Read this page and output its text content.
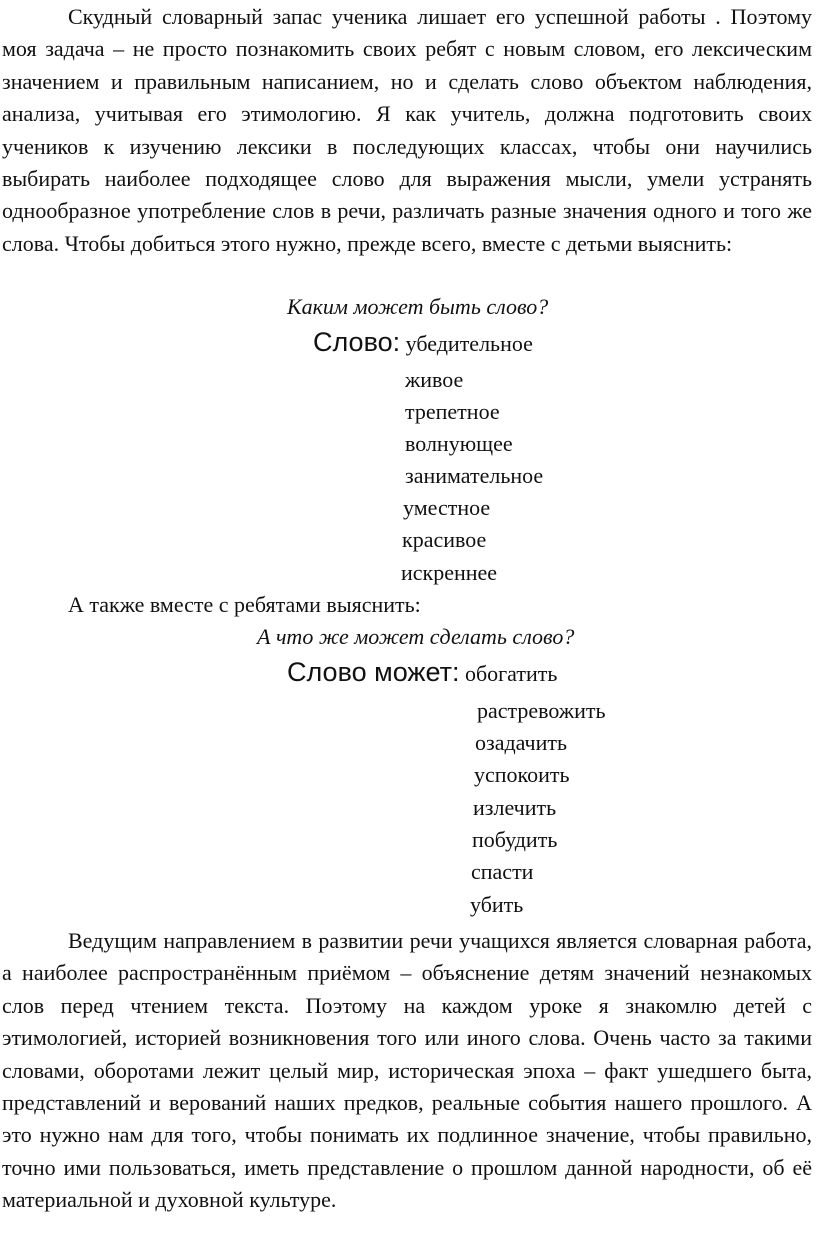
Скудный словарный запас ученика лишает его успешной работы . Поэтому моя задача – не просто познакомить своих ребят с новым словом, его лексическим значением и правильным написанием, но и сделать слово объектом наблюдения, анализа, учитывая его этимологию. Я как учитель, должна подготовить своих учеников к изучению лексики в последующих классах, чтобы они научились выбирать наиболее подходящее слово для выражения мысли, умели устранять однообразное употребление слов в речи, различать разные значения одного и того же слова. Чтобы добиться этого нужно, прежде всего, вместе с детьми выяснить:

Каким может быть слово?

Слово: убедительное

живое

трепетное

волнующее

занимательное

уместное

красивое

искреннее

А также вместе с ребятами выяснить:

А что же может сделать слово?

Слово может: обогатить

растревожить

озадачить

успокоить

излечить

побудить

спасти

убить

Ведущим направлением в развитии речи учащихся является словарная работа, а наиболее распространённым приёмом – объяснение детям значений незнакомых слов перед чтением текста. Поэтому на каждом уроке я знакомлю детей с этимологией, историей возникновения того или иного слова. Очень часто за такими словами, оборотами лежит целый мир, историческая эпоха – факт ушедшего быта, представлений и верований наших предков, реальные события нашего прошлого. А это нужно нам для того, чтобы понимать их подлинное значение, чтобы правильно, точно ими пользоваться, иметь представление о прошлом данной народности, об её материальной и духовной культуре.
